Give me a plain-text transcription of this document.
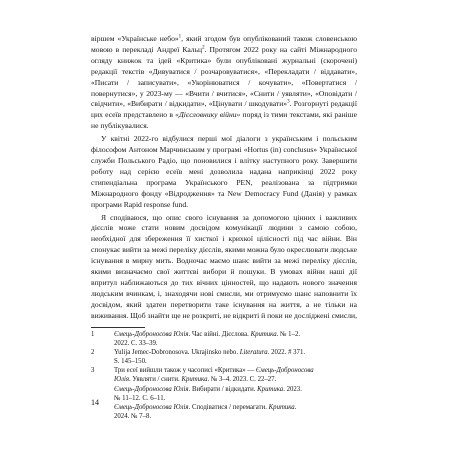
віршем «Українське небо»$^1$, який згодом був опублікований також словенською мовою в перекладі Андреї Кальц$^2$. Протягом 2022 року на сайті Міжнародного огляду книжок та ідей «Критика» були опубліковані журнальні (скорочені) редакції текстів «Дивуватися / розчаровуватися», «Перекладати / віддавати», «Писати / записувати», «Укорінюватися / кочувати», «Повертатися / повернутися», у 2023-му — «Вчити / вчитися», «Снити / уявляти», «Оповідати / свідчити», «Вибирати / відкидати», «Цінувати / шкодувати»$^3$. Розгорнуті редакції цих есеїв представлено в «Дієсловнику війни» поряд із тими текстами, які раніше не публікувалися.

У квітні 2022-го відбулися перші мої діалоги з українським і польським філософом Антоном Марчинським у програмі «Hortus (in) conclusus» Української служби Польського Радіо, що поновилися і влітку наступного року. Завершити роботу над серією есеїв мені дозволила надана наприкінці 2022 року стипендіальна програма Українського PEN, реалізована за підтримки Міжнародного фонду «Відродження» та New Democracy Fund (Данія) у рамках програми Rapid response fund.

Я сподіваюся, що опис свого існування за допомогою цінних і важливих дієслів може стати новим досвідом комунікації людини з самою собою, необхідної для збереження її хисткої і крихкої цілісності під час війни. Він спонукає вийти за межі переліку дієслів, якими можна було окреслювати людське існування в мирну мить. Водночас маємо шанс вийти за межі переліку дієслів, якими визначаємо свої життєві вибори й пошуки. В умовах війни наші дії впритул наближаються до тих вічних цінностей, що надають нового значення людським вчинкам, і, знаходячи нові смисли, ми отримуємо шанс наповнити їх досвідом, який здатен перетворити таке існування на життя, а не тільки на виживання. Щоб знайти ще не розкриті, не відкриті й поки не досліджені смисли,

1	Ємець-Доброносова Юлія. Час війні. Дієслова. Критика. № 1–2.
2022. С. 33–39.
2	Yulija Jemec-Dobronosova. Ukrajinsko nebo. Literatura. 2022. # 371.
S. 145–150.
3	Три есеї вийшли також у часописі «Критика» — Ємець-Доброносова
Юлія. Уявляти / снити. Критика. № 3–4. 2023. С. 22–27.
Ємець-Доброносова Юлія. Вибирати / відкидати. Критика. 2023.
№ 11–12. С. 6–11.
Ємець-Доброносова Юлія. Сподіватися / перемагати. Критика.
2024. № 7–8.
14
